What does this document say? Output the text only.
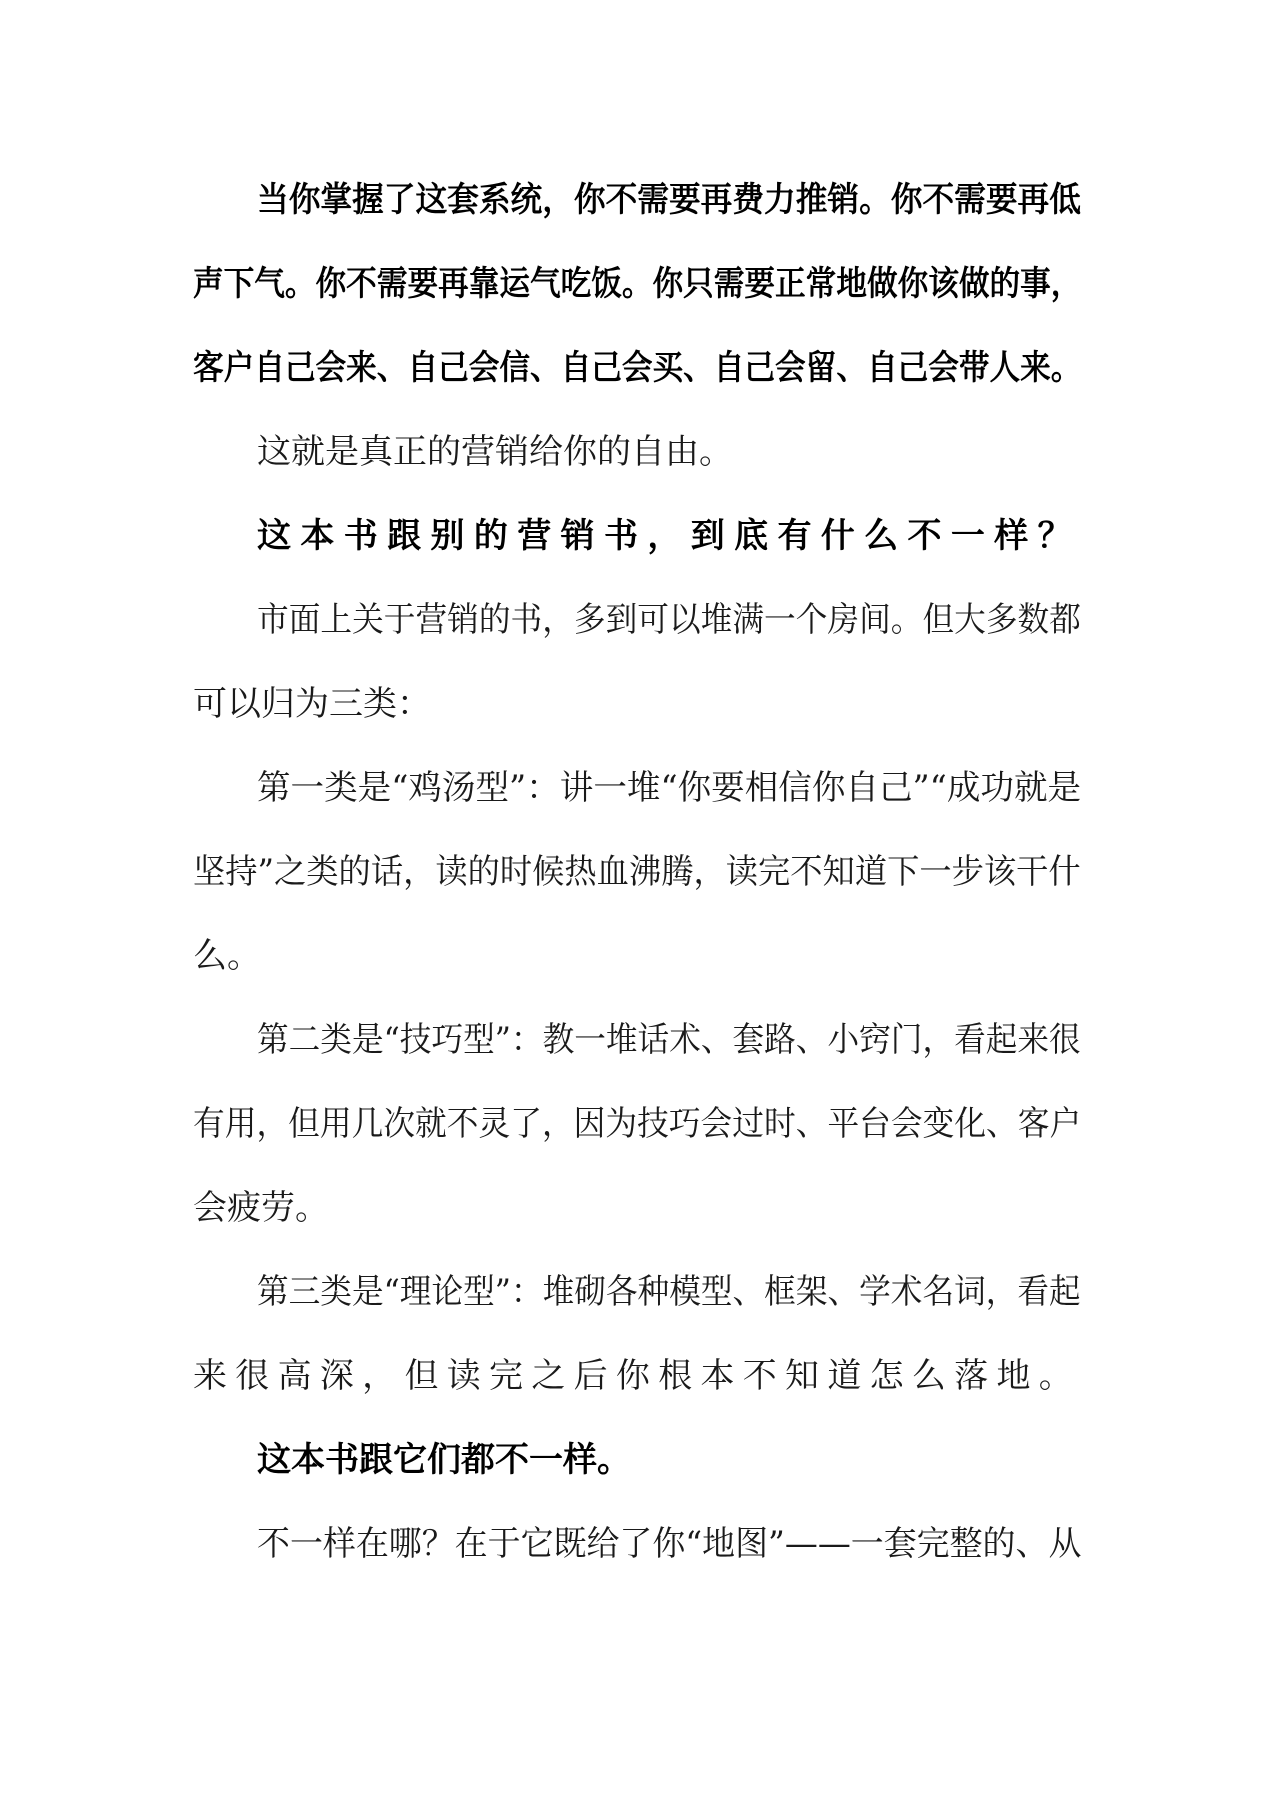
当你掌握了这套系统，你不需要再费力推销。你不需要再低
声下气。你不需要再靠运气吃饭。你只需要正常地做你该做的事，
客户自己会来、自己会信、自己会买、自己会留、自己会带人来。
这就是真正的营销给你的自由。
这本书跟别的营销书，到底有什么不一样？
市面上关于营销的书，多到可以堆满一个房间。但大多数都
可以归为三类：
第一类是“鸡汤型”：讲一堆“你要相信你自己”“成功就是
坚持”之类的话，读的时候热血沸腾，读完不知道下一步该干什
么。
第二类是“技巧型”：教一堆话术、套路、小窍门，看起来很
有用，但用几次就不灵了，因为技巧会过时、平台会变化、客户
会疲劳。
第三类是“理论型”：堆砌各种模型、框架、学术名词，看起
来很高深，但读完之后你根本不知道怎么落地。
这本书跟它们都不一样。
不一样在哪？在于它既给了你“地图”——一套完整的、从
